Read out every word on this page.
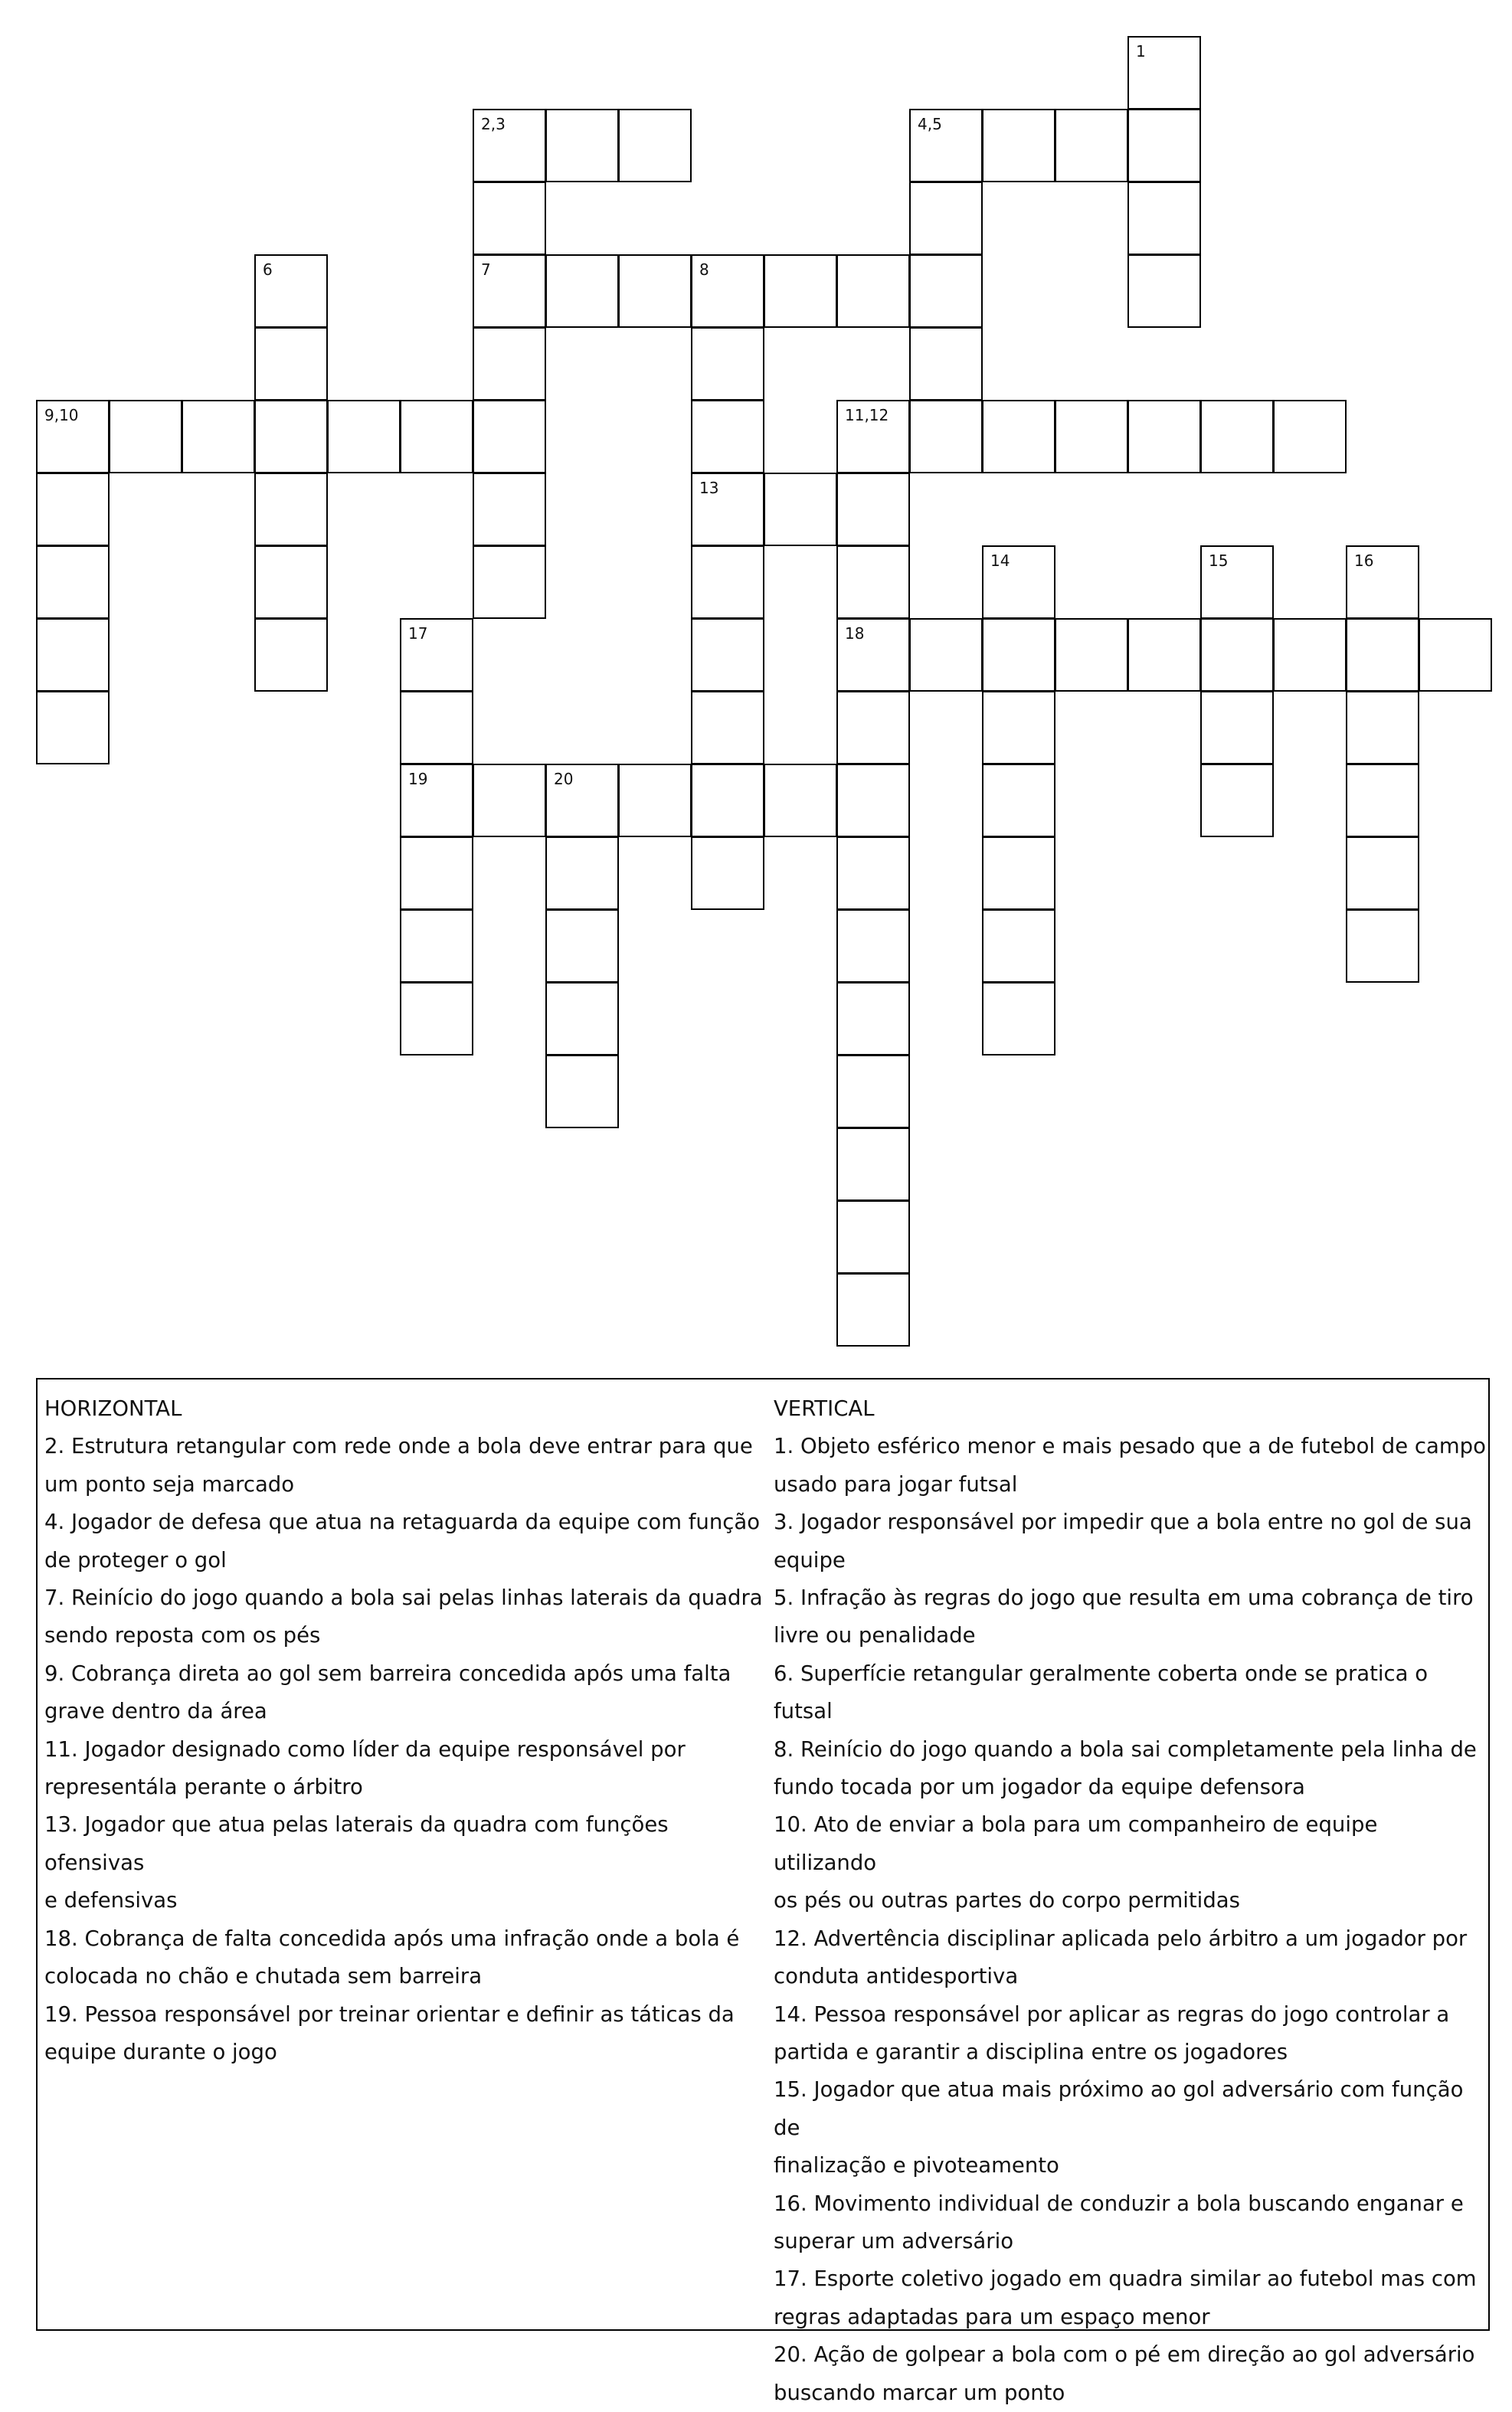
1
2,3	4,5
6	7	8
9,10	11,12
13
14	15	16
17	18
19	20

HORIZONTAL

2. Estrutura retangular com rede onde a bola deve entrar para que

um ponto seja marcado

4. Jogador de defesa que atua na retaguarda da equipe com função

de proteger o gol

7. Reinício do jogo quando a bola sai pelas linhas laterais da quadra

sendo reposta com os pés

9. Cobrança direta ao gol sem barreira concedida após uma falta

grave dentro da área

11. Jogador designado como líder da equipe responsável por

representála perante o árbitro

13. Jogador que atua pelas laterais da quadra com funções ofensivas

e defensivas

18. Cobrança de falta concedida após uma infração onde a bola é

colocada no chão e chutada sem barreira

19. Pessoa responsável por treinar orientar e definir as táticas da

equipe durante o jogo

VERTICAL

1. Objeto esférico menor e mais pesado que a de futebol de campo

usado para jogar futsal

3. Jogador responsável por impedir que a bola entre no gol de sua

equipe

5. Infração às regras do jogo que resulta em uma cobrança de tiro

livre ou penalidade

6. Superfície retangular geralmente coberta onde se pratica o futsal

8. Reinício do jogo quando a bola sai completamente pela linha de

fundo tocada por um jogador da equipe defensora

10. Ato de enviar a bola para um companheiro de equipe utilizando

os pés ou outras partes do corpo permitidas

12. Advertência disciplinar aplicada pelo árbitro a um jogador por

conduta antidesportiva

14. Pessoa responsável por aplicar as regras do jogo controlar a

partida e garantir a disciplina entre os jogadores

15. Jogador que atua mais próximo ao gol adversário com função de

finalização e pivoteamento

16. Movimento individual de conduzir a bola buscando enganar e

superar um adversário

17. Esporte coletivo jogado em quadra similar ao futebol mas com

regras adaptadas para um espaço menor

20. Ação de golpear a bola com o pé em direção ao gol adversário

buscando marcar um ponto
